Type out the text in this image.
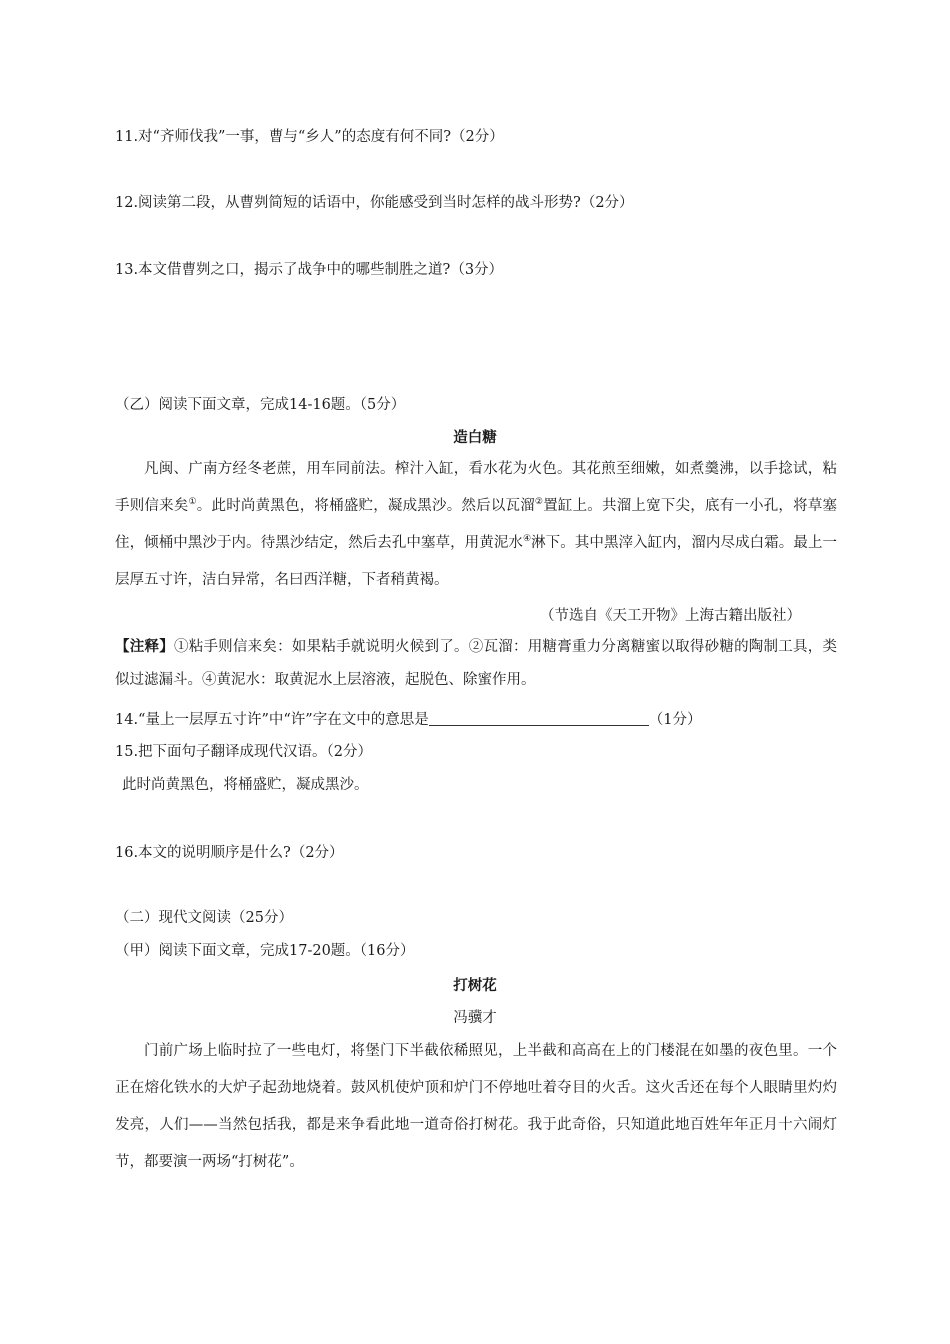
11.对“齐师伐我”一事，曹与“乡人”的态度有何不同?（2分）
12.阅读第二段，从曹刿简短的话语中，你能感受到当时怎样的战斗形势?（2分）
13.本文借曹刿之口，揭示了战争中的哪些制胜之道?（3分）
（乙）阅读下面文章，完成14-16题。（5分）
造白糖
凡闽、广南方经冬老蔗，用车同前法。榨汁入缸，看水花为火色。其花煎至细嫩，如煮羹沸，以手捻试，粘手则信来矣①。此时尚黄黑色，将桶盛贮，凝成黑沙。然后以瓦溜②置缸上。共溜上宽下尖，底有一小孔，将草塞住，倾桶中黑沙于内。待黑沙结定，然后去孔中塞草，用黄泥水④淋下。其中黑滓入缸内，溜内尽成白霜。最上一层厚五寸许，洁白异常，名曰西洋糖，下者稍黄褐。
（节选自《天工开物》上海古籍出版社）
【注释】①粘手则信来矣：如果粘手就说明火候到了。②瓦溜：用糖膏重力分离糖蜜以取得砂糖的陶制工具，类似过滤漏斗。④黄泥水：取黄泥水上层溶液，起脱色、除蜜作用。
14.“量上一层厚五寸许”中“许”字在文中的意思是	（1分）
15.把下面句子翻译成现代汉语。（2分）
此时尚黄黑色，将桶盛贮，凝成黑沙。
16.本文的说明顺序是什么?（2分）
（二）现代文阅读（25分）
（甲）阅读下面文章，完成17-20题。（16分）
打树花
冯骥才
门前广场上临时拉了一些电灯，将堡门下半截依稀照见，上半截和高高在上的门楼混在如墨的夜色里。一个正在熔化铁水的大炉子起劲地烧着。鼓风机使炉顶和炉门不停地吐着夺目的火舌。这火舌还在每个人眼睛里灼灼发亮，人们——当然包括我，都是来争看此地一道奇俗打树花。我于此奇俗，只知道此地百姓年年正月十六闹灯节，都要演一两场“打树花”。
